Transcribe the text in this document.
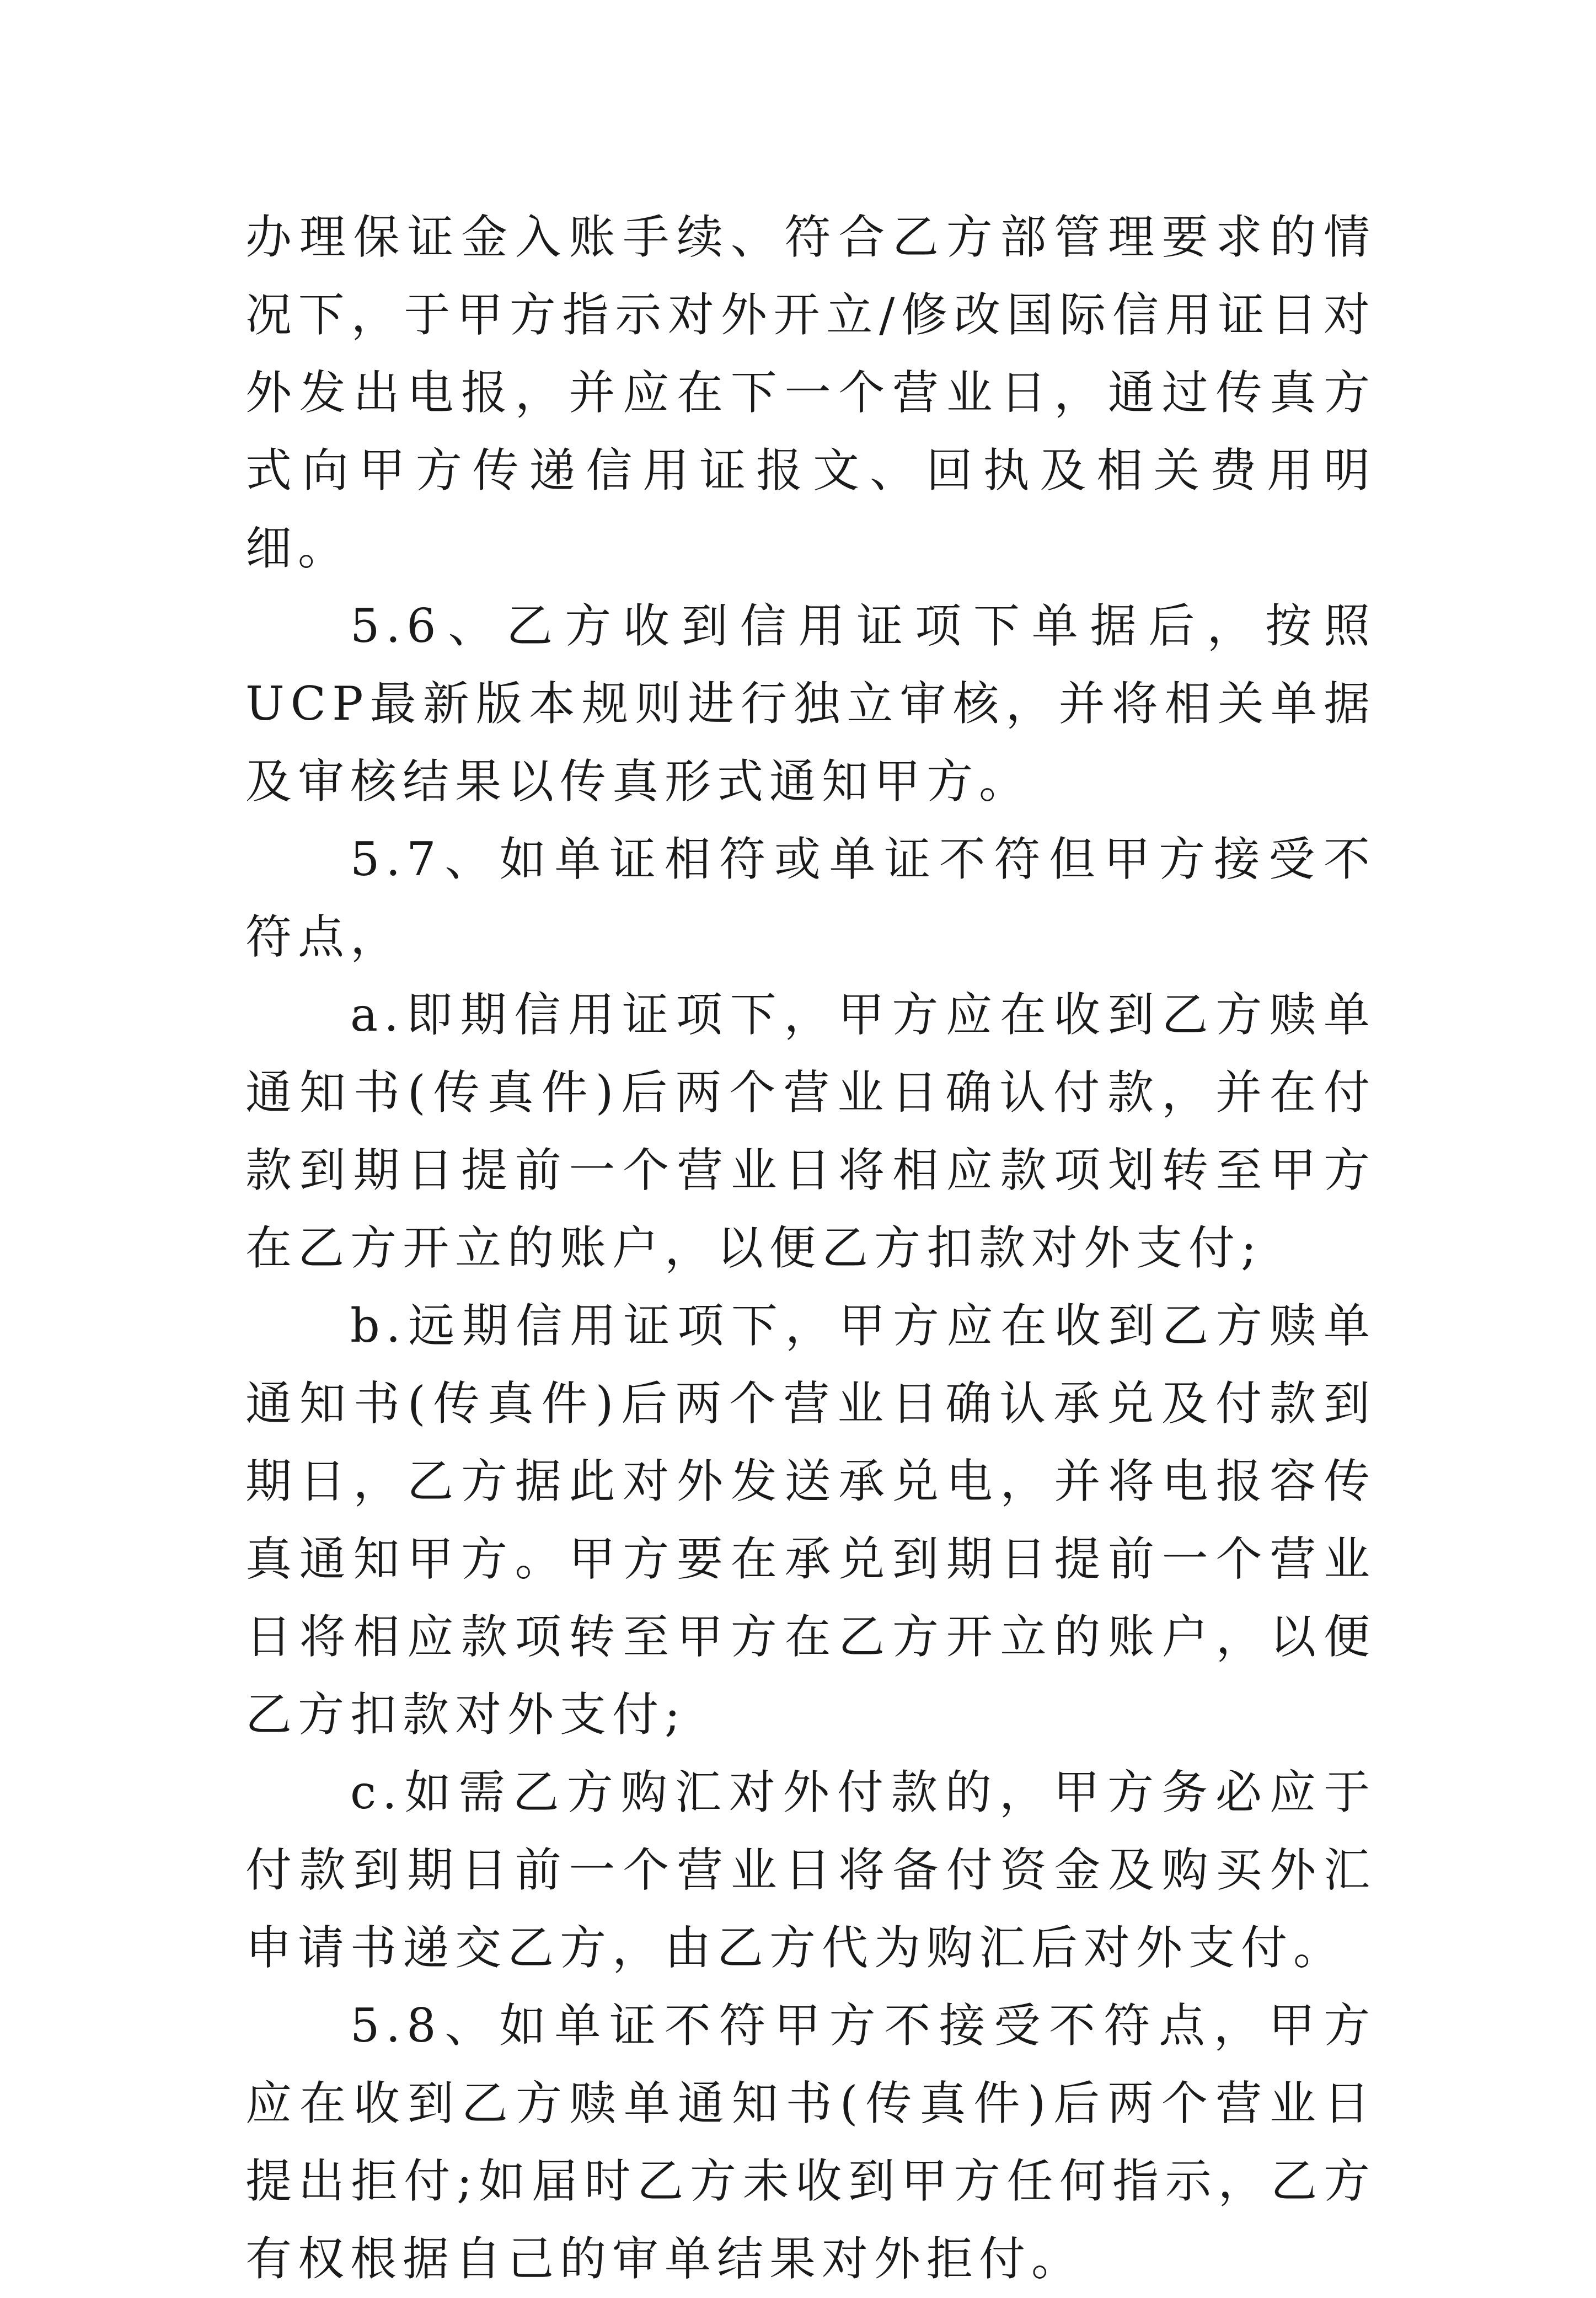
办理保证金入账手续、符合乙方部管理要求的情况下，于甲方指示对外开立/修改国际信用证日对外发出电报，并应在下一个营业日，通过传真方式向甲方传递信用证报文、回执及相关费用明细。

5.6、乙方收到信用证项下单据后，按照UCP最新版本规则进行独立审核，并将相关单据及审核结果以传真形式通知甲方。

5.7、如单证相符或单证不符但甲方接受不符点，

a.即期信用证项下，甲方应在收到乙方赎单通知书(传真件)后两个营业日确认付款，并在付款到期日提前一个营业日将相应款项划转至甲方在乙方开立的账户，以便乙方扣款对外支付;

b.远期信用证项下，甲方应在收到乙方赎单通知书(传真件)后两个营业日确认承兑及付款到期日，乙方据此对外发送承兑电，并将电报容传真通知甲方。甲方要在承兑到期日提前一个营业日将相应款项转至甲方在乙方开立的账户，以便乙方扣款对外支付;

c.如需乙方购汇对外付款的，甲方务必应于付款到期日前一个营业日将备付资金及购买外汇申请书递交乙方，由乙方代为购汇后对外支付。

5.8、如单证不符甲方不接受不符点，甲方应在收到乙方赎单通知书(传真件)后两个营业日提出拒付;如届时乙方未收到甲方任何指示，乙方有权根据自己的审单结果对外拒付。
